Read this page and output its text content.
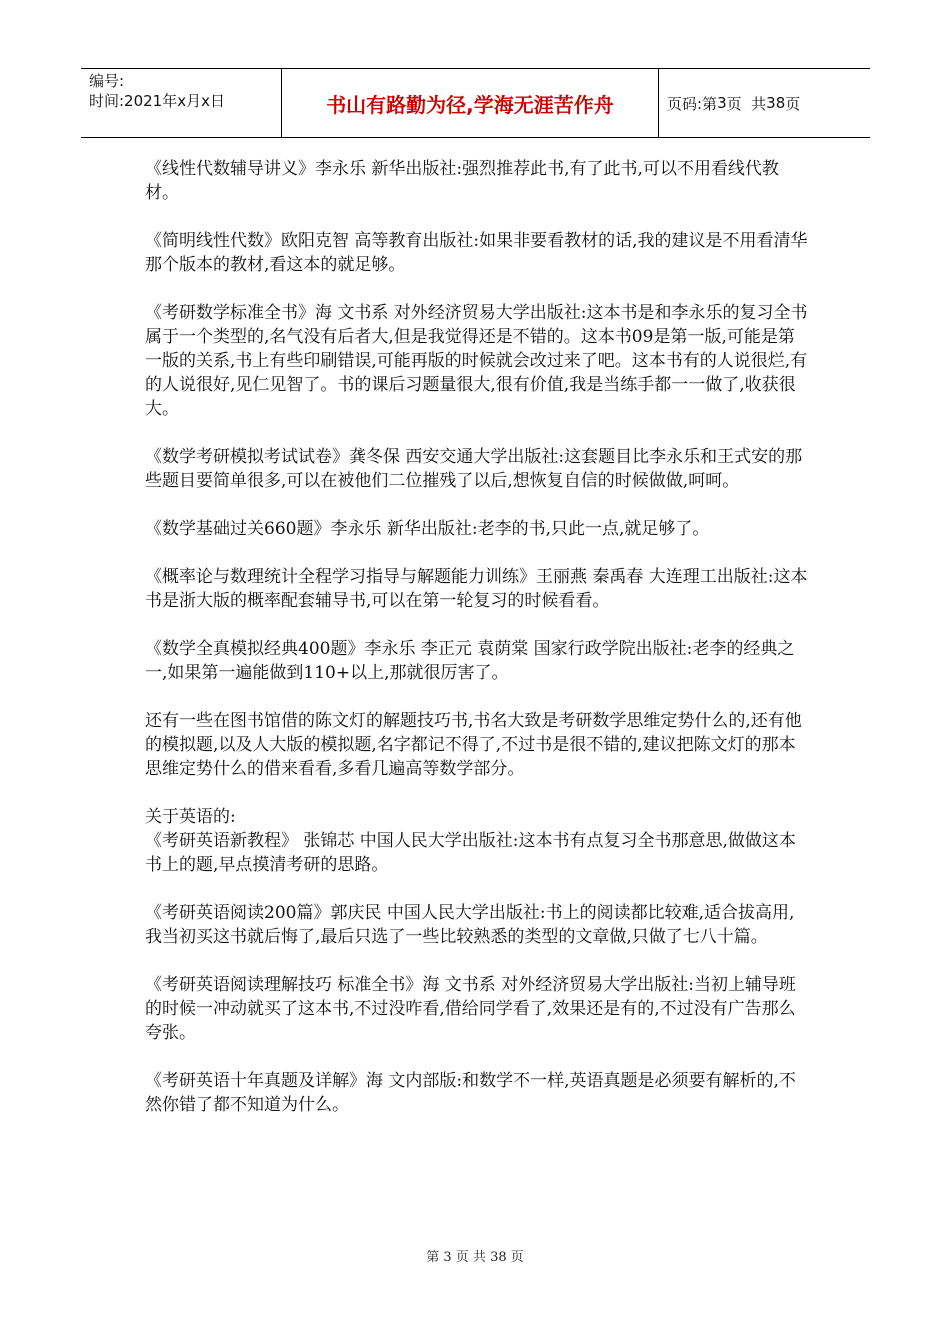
编号:
时间:2021年x月x日	书山有路勤为径,学海无涯苦作舟	页码:第 3 页  共 38 页

《线性代数辅导讲义》李永乐 新华出版社:强烈推荐此书,有了此书,可以不用看线代教材。

《简明线性代数》欧阳克智 高等教育出版社:如果非要看教材的话,我的建议是不用看清华那个版本的教材,看这本的就足够。

《考研数学标准全书》海 文书系 对外经济贸易大学出版社:这本书是和李永乐的复习全书属于一个类型的,名气没有后者大,但是我觉得还是不错的。这本书09是第一版,可能是第一版的关系,书上有些印刷错误,可能再版的时候就会改过来了吧。这本书有的人说很烂,有的人说很好,见仁见智了。书的课后习题量很大,很有价值,我是当练手都一一做了,收获很大。

《数学考研模拟考试试卷》龚冬保 西安交通大学出版社:这套题目比李永乐和王式安的那些题目要简单很多,可以在被他们二位摧残了以后,想恢复自信的时候做做,呵呵。

《数学基础过关660题》李永乐 新华出版社:老李的书,只此一点,就足够了。

《概率论与数理统计全程学习指导与解题能力训练》王丽燕 秦禹春 大连理工出版社:这本书是浙大版的概率配套辅导书,可以在第一轮复习的时候看看。

《数学全真模拟经典400题》李永乐 李正元 袁荫棠 国家行政学院出版社:老李的经典之一,如果第一遍能做到110+以上,那就很厉害了。

还有一些在图书馆借的陈文灯的解题技巧书,书名大致是考研数学思维定势什么的,还有他的模拟题,以及人大版的模拟题,名字都记不得了,不过书是很不错的,建议把陈文灯的那本思维定势什么的借来看看,多看几遍高等数学部分。

关于英语的:

《考研英语新教程》 张锦芯 中国人民大学出版社:这本书有点复习全书那意思,做做这本书上的题,早点摸清考研的思路。

《考研英语阅读200篇》郭庆民 中国人民大学出版社:书上的阅读都比较难,适合拔高用,我当初买这书就后悔了,最后只选了一些比较熟悉的类型的文章做,只做了七八十篇。

《考研英语阅读理解技巧 标准全书》海 文书系 对外经济贸易大学出版社:当初上辅导班的时候一冲动就买了这本书,不过没咋看,借给同学看了,效果还是有的,不过没有广告那么夸张。

《考研英语十年真题及详解》海 文内部版:和数学不一样,英语真题是必须要有解析的,不然你错了都不知道为什么。

第 3 页 共 38 页
